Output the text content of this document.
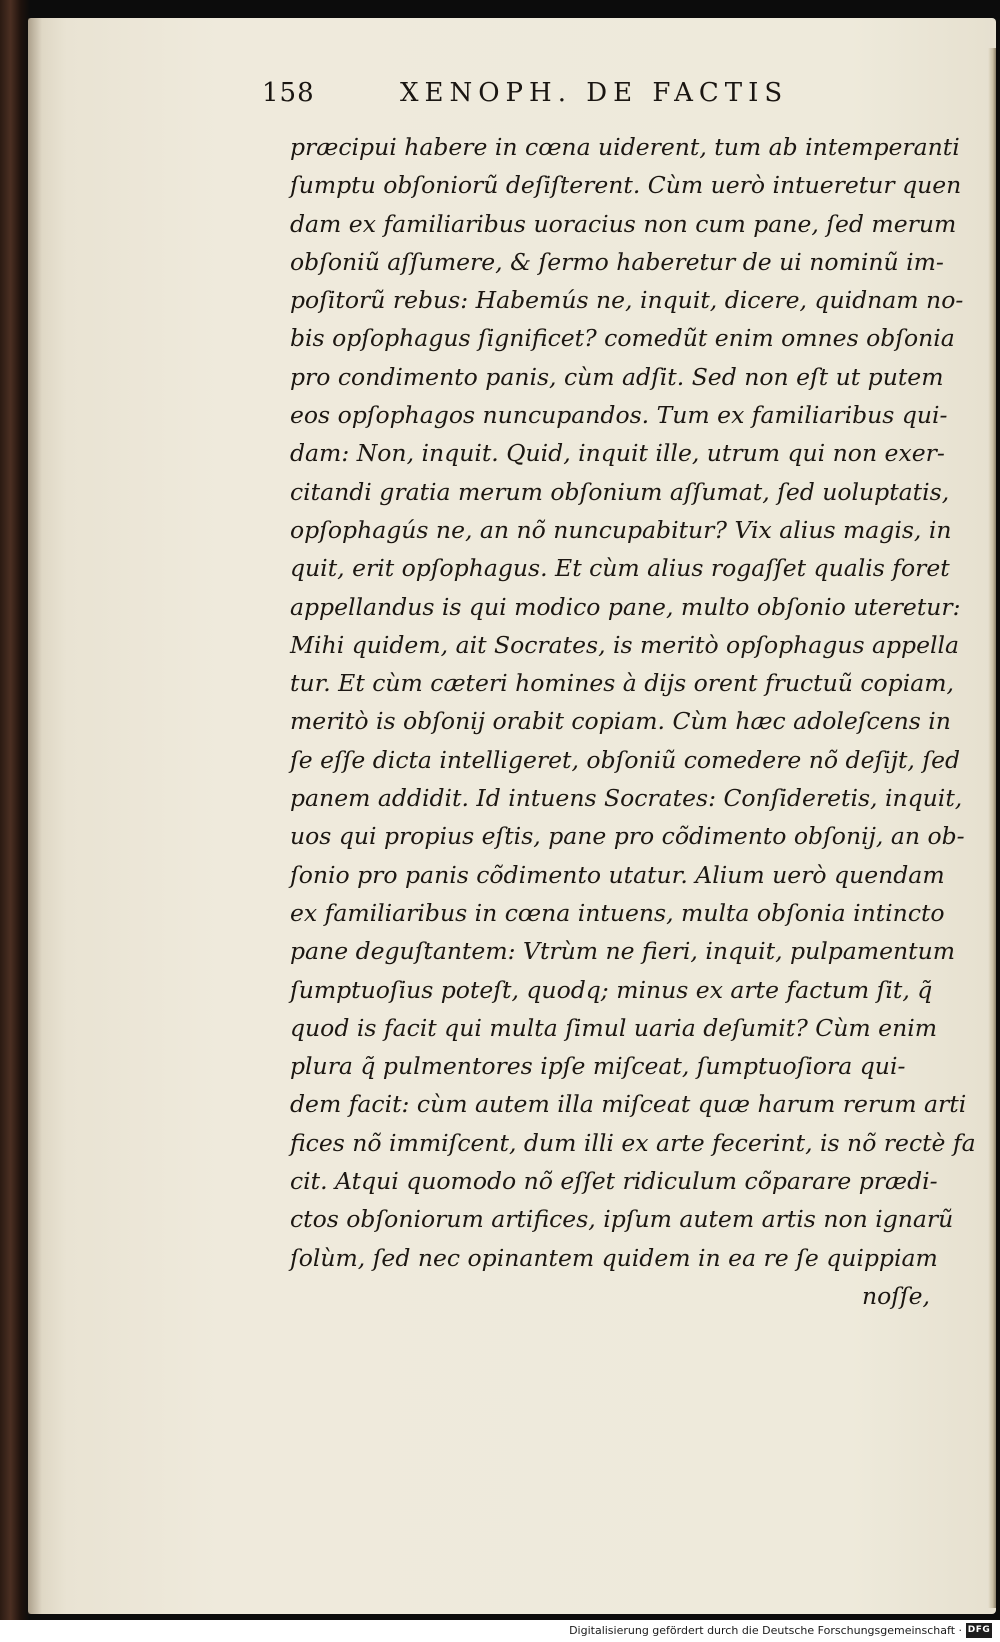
158	XENOPH. DE FACTIS
præcipui habere in cœna uiderent, tum ab intemperanti
ſumptu obſoniorũ deſiſterent. Cùm uerò intueretur quen
dam ex familiaribus uoracius non cum pane, ſed merum
obſoniũ aſſumere, & ſermo haberetur de ui nominũ im-
poſitorũ rebus: Habemús ne, inquit, dicere, quidnam no-
bis opſophagus ſignificet? comedũt enim omnes obſonia
pro condimento panis, cùm adſit. Sed non eſt ut putem
eos opſophagos nuncupandos. Tum ex familiaribus qui-
dam: Non, inquit. Quid, inquit ille, utrum qui non exer-
citandi gratia merum obſonium aſſumat, ſed uoluptatis,
opſophagús ne, an nõ nuncupabitur? Vix alius magis, in
quit, erit opſophagus. Et cùm alius rogaſſet qualis foret
appellandus is qui modico pane, multo obſonio uteretur:
Mihi quidem, ait Socrates, is meritò opſophagus appella
tur. Et cùm cæteri homines à dijs orent fructuũ copiam,
meritò is obſonij orabit copiam. Cùm hæc adoleſcens in
ſe eſſe dicta intelligeret, obſoniũ comedere nõ deſijt, ſed
panem addidit. Id intuens Socrates: Conſideretis, inquit,
uos qui propius eſtis, pane pro cõdimento obſonij, an ob-
ſonio pro panis cõdimento utatur. Alium uerò quendam
ex familiaribus in cœna intuens, multa obſonia intincto
pane deguſtantem: Vtrùm ne fieri, inquit, pulpamentum
ſumptuoſius poteſt, quodq; minus ex arte factum ſit, q̃
quod is facit qui multa ſimul uaria deſumit? Cùm enim
plura q̃ pulmentores ipſe miſceat, ſumptuoſiora qui-
dem facit: cùm autem illa miſceat quæ harum rerum arti
fices nõ immiſcent, dum illi ex arte fecerint, is nõ rectè fa
cit. Atqui quomodo nõ eſſet ridiculum cõparare prædi-
ctos obſoniorum artifices, ipſum autem artis non ignarũ
ſolùm, ſed nec opinantem quidem in ea re ſe quippiam
noſſe,
Digitalisierung gefördert durch die Deutsche Forschungsgemeinschaft · DFG
